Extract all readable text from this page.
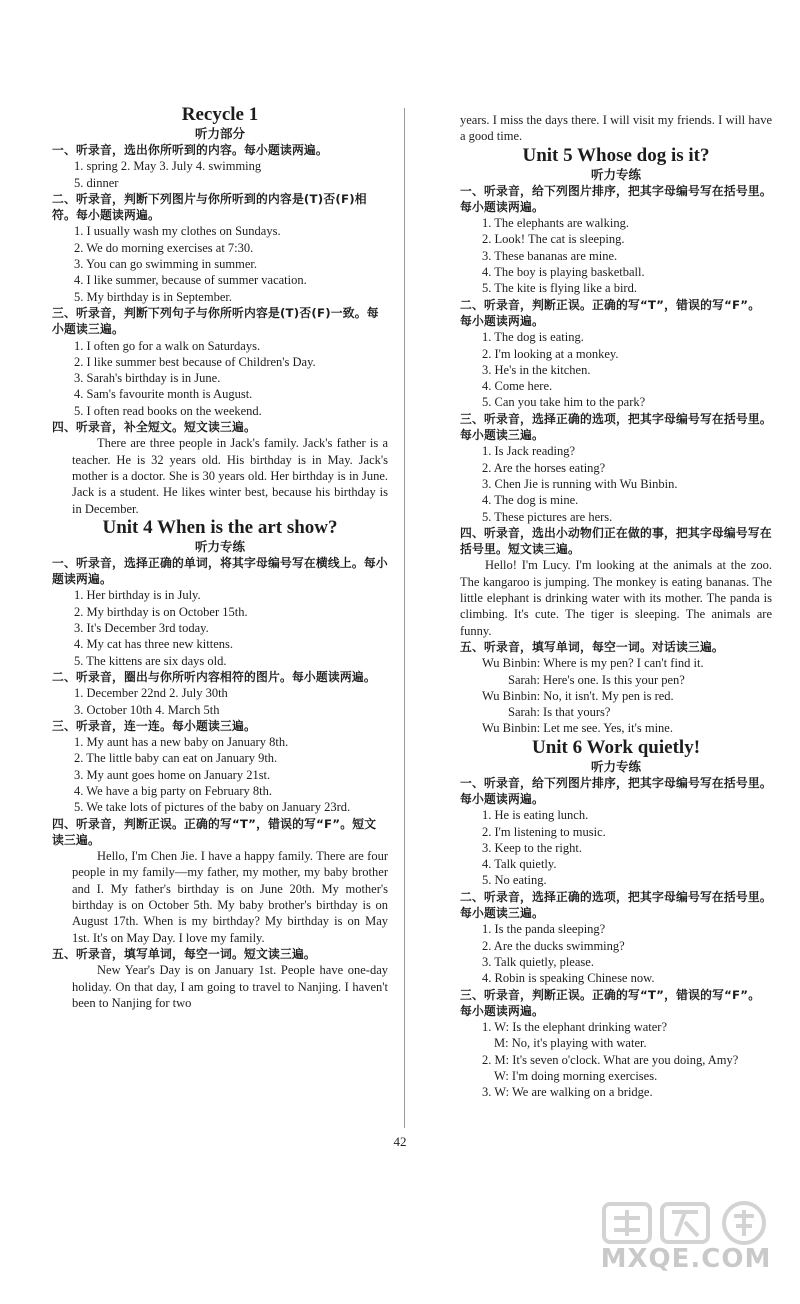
Recycle 1
听力部分
一、听录音，选出你所听到的内容。每小题读两遍。
1. spring 2. May 3. July 4. swimming
5. dinner
二、听录音，判断下列图片与你所听到的内容是(T)否(F)相符。每小题读两遍。
1. I usually wash my clothes on Sundays.
2. We do morning exercises at 7:30.
3. You can go swimming in summer.
4. I like summer, because of summer vacation.
5. My birthday is in September.
三、听录音，判断下列句子与你所听内容是(T)否(F)一致。每小题读三遍。
1. I often go for a walk on Saturdays.
2. I like summer best because of Children's Day.
3. Sarah's birthday is in June.
4. Sam's favourite month is August.
5. I often read books on the weekend.
四、听录音，补全短文。短文读三遍。
There are three people in Jack's family. Jack's father is a teacher. He is 32 years old. His birthday is in May. Jack's mother is a doctor. She is 30 years old. Her birthday is in June. Jack is a student. He likes winter best, because his birthday is in December.
Unit 4 When is the art show?
听力专练
一、听录音，选择正确的单词，将其字母编号写在横线上。每小题读两遍。
1. Her birthday is in July.
2. My birthday is on October 15th.
3. It's December 3rd today.
4. My cat has three new kittens.
5. The kittens are six days old.
二、听录音，圈出与你所听内容相符的图片。每小题读两遍。
1. December 22nd 2. July 30th
3. October 10th 4. March 5th
三、听录音，连一连。每小题读三遍。
1. My aunt has a new baby on January 8th.
2. The little baby can eat on January 9th.
3. My aunt goes home on January 21st.
4. We have a big party on February 8th.
5. We take lots of pictures of the baby on January 23rd.
四、听录音，判断正误。正确的写“T”，错误的写“F”。短文读三遍。
Hello, I'm Chen Jie. I have a happy family. There are four people in my family—my father, my mother, my baby brother and I. My father's birthday is on June 20th. My mother's birthday is on October 5th. My baby brother's birthday is on August 17th. When is my birthday? My birthday is on May 1st. It's on May Day. I love my family.
五、听录音，填写单词，每空一词。短文读三遍。
New Year's Day is on January 1st. People have one-day holiday. On that day, I am going to travel to Nanjing. I haven't been to Nanjing for two
years. I miss the days there. I will visit my friends. I will have a good time.
Unit 5 Whose dog is it?
听力专练
一、听录音，给下列图片排序，把其字母编号写在括号里。每小题读两遍。
1. The elephants are walking.
2. Look! The cat is sleeping.
3. These bananas are mine.
4. The boy is playing basketball.
5. The kite is flying like a bird.
二、听录音，判断正误。正确的写“T”，错误的写“F”。每小题读两遍。
1. The dog is eating.
2. I'm looking at a monkey.
3. He's in the kitchen.
4. Come here.
5. Can you take him to the park?
三、听录音，选择正确的选项，把其字母编号写在括号里。每小题读三遍。
1. Is Jack reading?
2. Are the horses eating?
3. Chen Jie is running with Wu Binbin.
4. The dog is mine.
5. These pictures are hers.
四、听录音，选出小动物们正在做的事，把其字母编号写在括号里。短文读三遍。
Hello! I'm Lucy. I'm looking at the animals at the zoo. The kangaroo is jumping. The monkey is eating bananas. The little elephant is drinking water with its mother. The panda is climbing. It's cute. The tiger is sleeping. The animals are funny.
五、听录音，填写单词，每空一词。对话读三遍。
Wu Binbin: Where is my pen? I can't find it.
Sarah: Here's one. Is this your pen?
Wu Binbin: No, it isn't. My pen is red.
Sarah: Is that yours?
Wu Binbin: Let me see. Yes, it's mine.
Unit 6 Work quietly!
听力专练
一、听录音，给下列图片排序，把其字母编号写在括号里。每小题读两遍。
1. He is eating lunch.
2. I'm listening to music.
3. Keep to the right.
4. Talk quietly.
5. No eating.
二、听录音，选择正确的选项，把其字母编号写在括号里。每小题读三遍。
1. Is the panda sleeping?
2. Are the ducks swimming?
3. Talk quietly, please.
4. Robin is speaking Chinese now.
三、听录音，判断正误。正确的写“T”，错误的写“F”。每小题读两遍。
1. W: Is the elephant drinking water?
M: No, it's playing with water.
2. M: It's seven o'clock. What are you doing, Amy?
W: I'm doing morning exercises.
3. W: We are walking on a bridge.
42
MXQE.COM
